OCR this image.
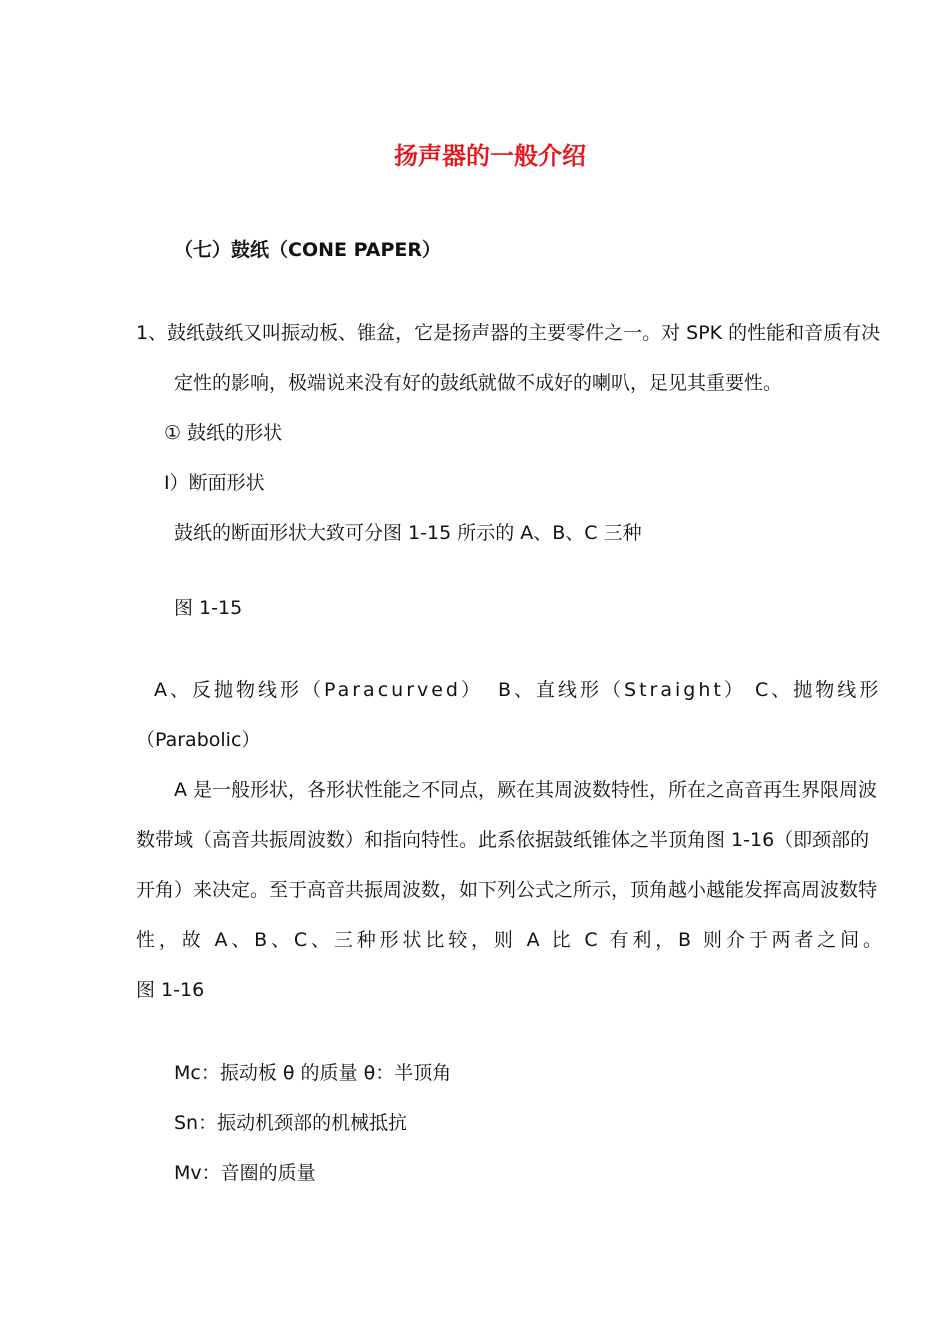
扬声器的一般介绍
（七）鼓纸（CONE PAPER）
1、鼓纸鼓纸又叫振动板、锥盆，它是扬声器的主要零件之一。对 SPK 的性能和音质有决
定性的影响，极端说来没有好的鼓纸就做不成好的喇叭，足见其重要性。
① 鼓纸的形状
I）断面形状
鼓纸的断面形状大致可分图 1-15 所示的 A、B、C 三种
图 1-15
A、反抛物线形（Paracurved） B、直线形（Straight） C、抛物线形
（Parabolic）
A 是一般形状，各形状性能之不同点，厥在其周波数特性，所在之高音再生界限周波
数带域（高音共振周波数）和指向特性。此系依据鼓纸锥体之半顶角图 1-16（即颈部的
开角）来决定。至于高音共振周波数，如下列公式之所示，顶角越小越能发挥高周波数特
性，故 A、B、C、三种形状比较，则 A 比 C 有利，B 则介于两者之间。
图 1-16
Mc：振动板 θ 的质量 θ：半顶角
Sn：振动机颈部的机械抵抗
Mv：音圈的质量
